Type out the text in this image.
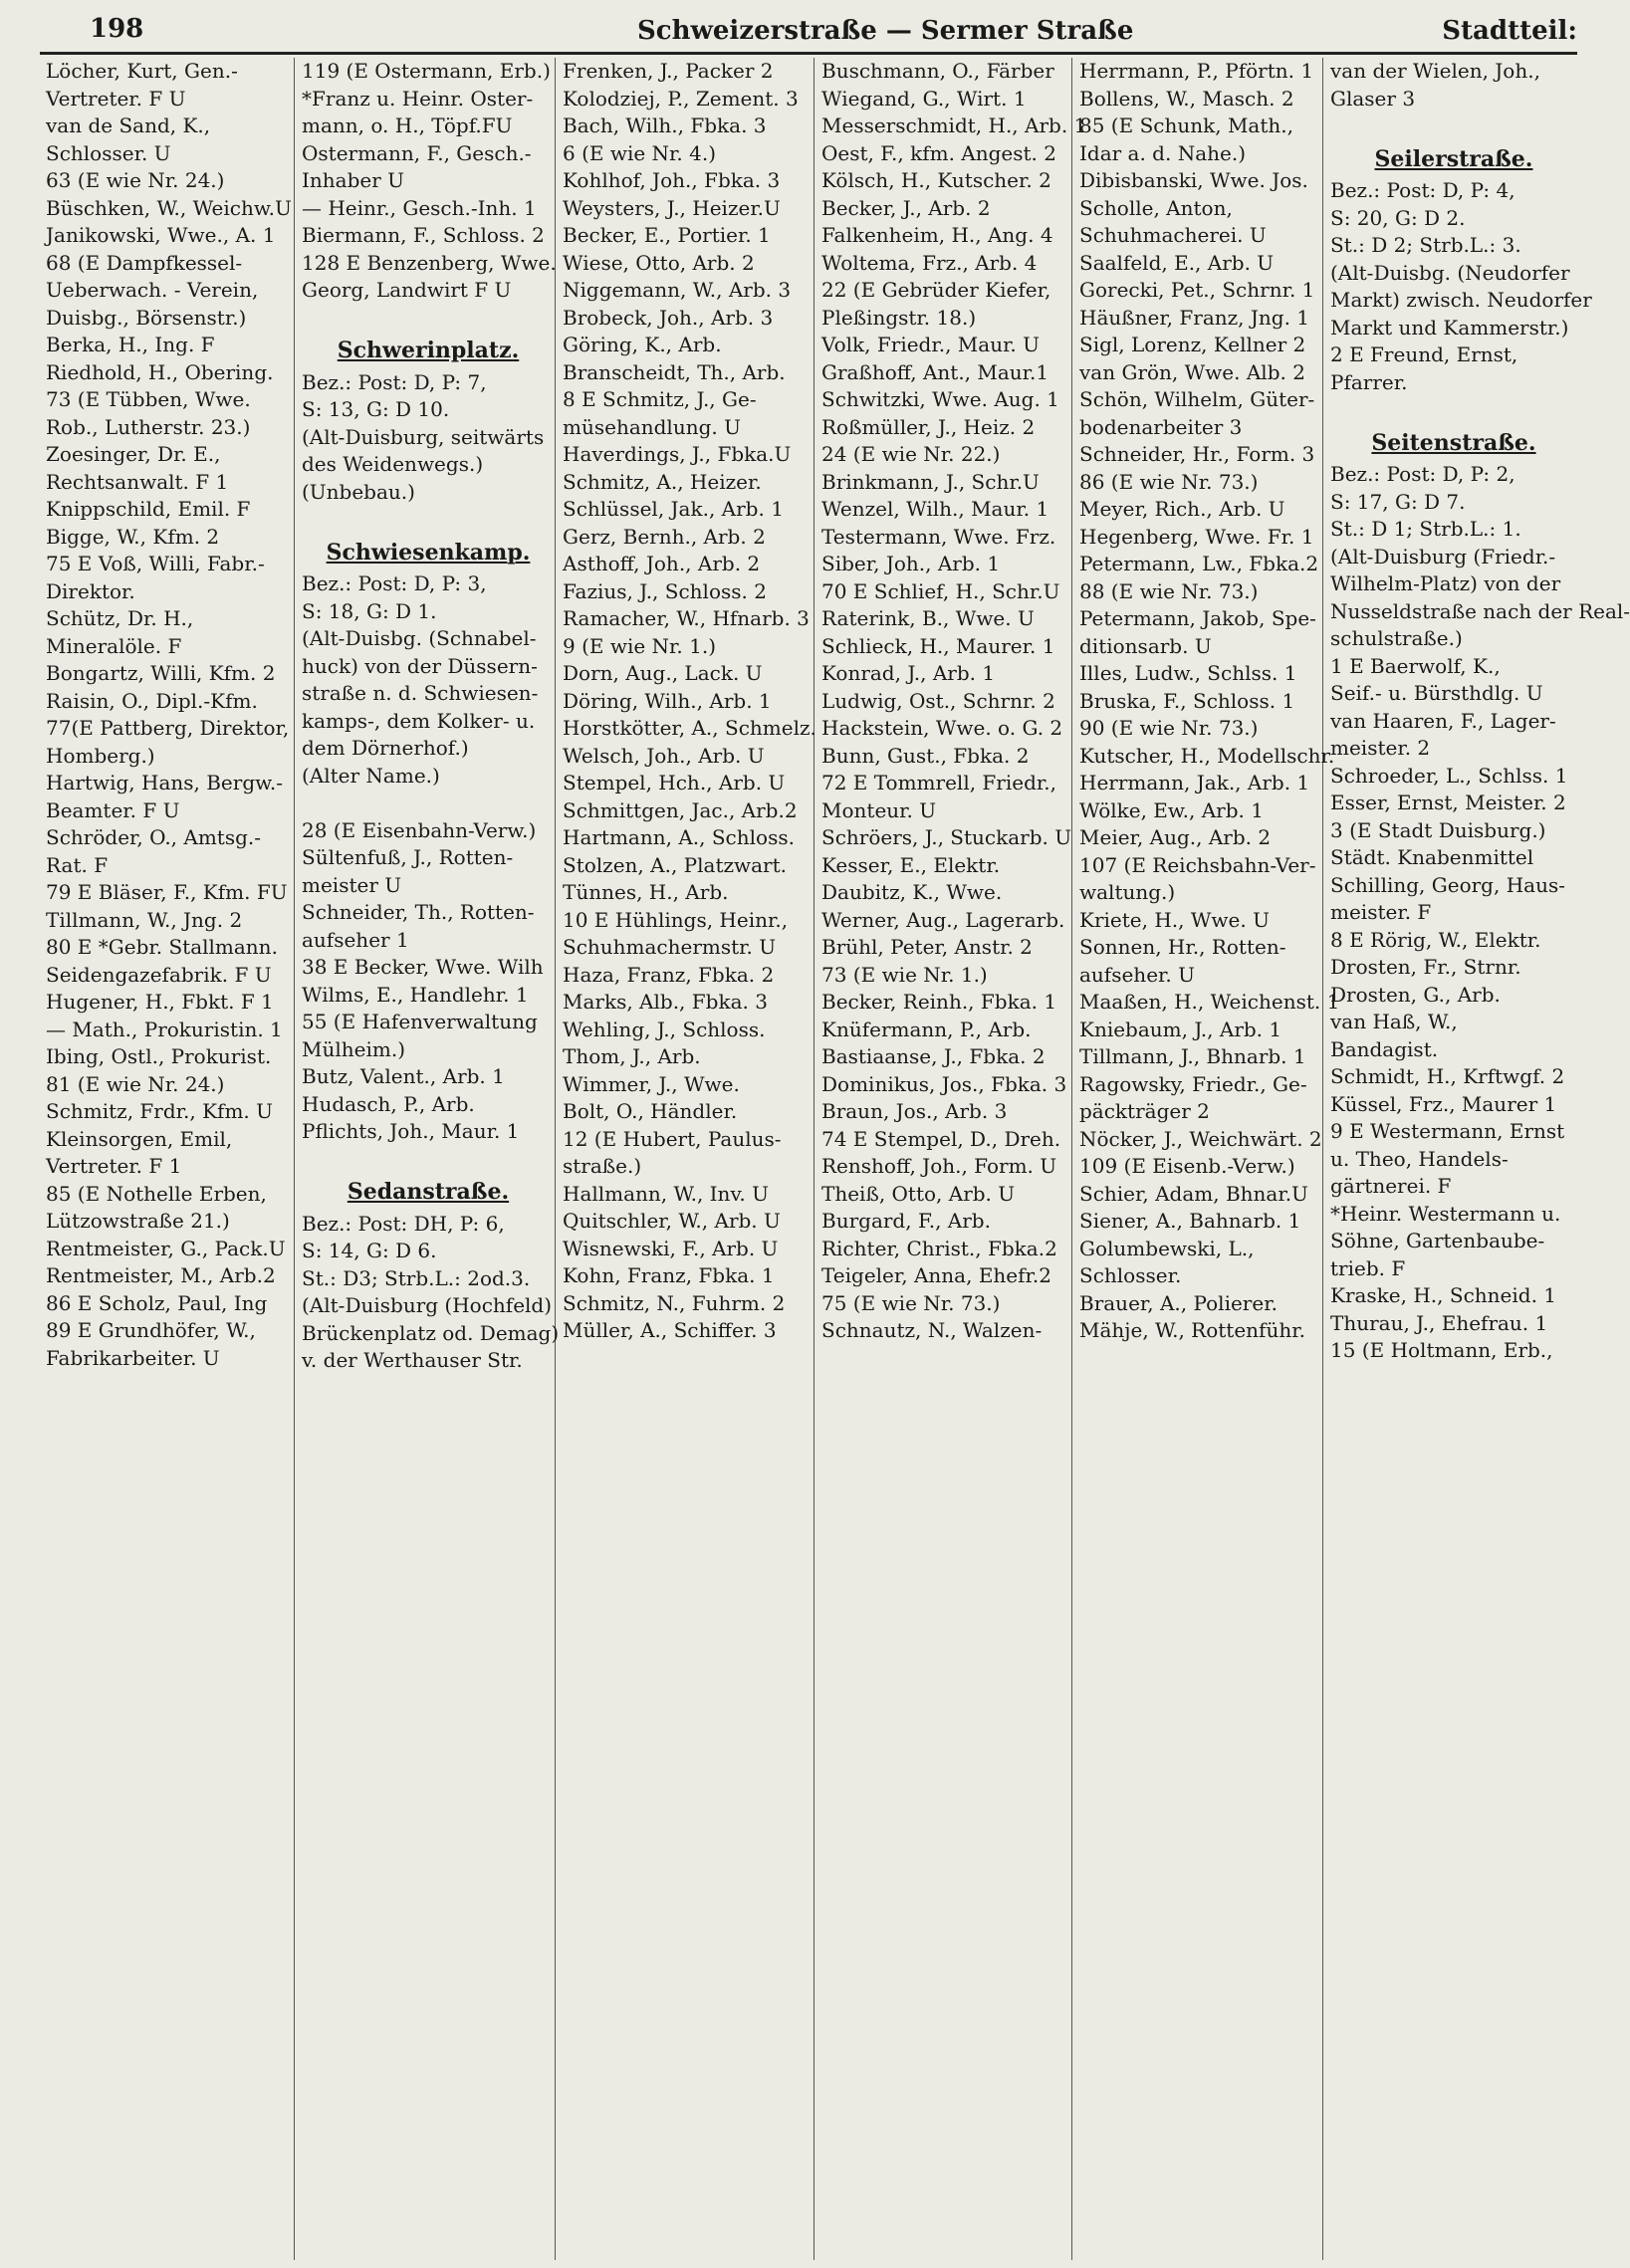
198	Schweizerstraße — Sermer Straße	Stadtteil:
Löcher, Kurt, Gen.-
Vertreter. F U
van de Sand, K.,
Schlosser. U
63 (E wie Nr. 24.)
Büschken, W., Weichw.U
Janikowski, Wwe., A. 1
68 (E Dampfkessel-
Ueberwach. - Verein,
Duisbg., Börsenstr.)
Berka, H., Ing. F
Riedhold, H., Obering.
73 (E Tübben, Wwe.
Rob., Lutherstr. 23.)
Zoesinger, Dr. E.,
Rechtsanwalt. F 1
Knippschild, Emil. F
Bigge, W., Kfm. 2
75 E Voß, Willi, Fabr.-
Direktor.
Schütz, Dr. H.,
Mineralöle. F
Bongartz, Willi, Kfm. 2
Raisin, O., Dipl.-Kfm.
77(E Pattberg, Direktor,
Homberg.)
Hartwig, Hans, Bergw.-
Beamter. F U
Schröder, O., Amtsg.-
Rat. F
79 E Bläser, F., Kfm. FU
Tillmann, W., Jng. 2
80 E *Gebr. Stallmann.
Seidengazefabrik. F U
Hugener, H., Fbkt. F 1
— Math., Prokuristin. 1
Ibing, Ostl., Prokurist.
81 (E wie Nr. 24.)
Schmitz, Frdr., Kfm. U
Kleinsorgen, Emil,
Vertreter. F 1
85 (E Nothelle Erben,
Lützowstraße 21.)
Rentmeister, G., Pack.U
Rentmeister, M., Arb.2
86 E Scholz, Paul, Ing
89 E Grundhöfer, W.,
Fabrikarbeiter. U
119 (E Ostermann, Erb.)
*Franz u. Heinr. Oster-
mann, o. H., Töpf.FU
Ostermann, F., Gesch.-
Inhaber U
— Heinr., Gesch.-Inh. 1
Biermann, F., Schloss. 2
128 E Benzenberg, Wwe.
Georg, Landwirt F U
Schwerinplatz.
Bez.: Post: D, P: 7,
S: 13, G: D 10.
(Alt-Duisburg, seitwärts
des Weidenwegs.)
(Unbebau.)
Schwiesenkamp.
Bez.: Post: D, P: 3,
S: 18, G: D 1.
(Alt-Duisbg. (Schnabel-
huck) von der Düssern-
straße n. d. Schwiesen-
kamps-, dem Kolker- u.
dem Dörnerhof.)
(Alter Name.)
28 (E Eisenbahn-Verw.)
Sültenfuß, J., Rotten-
meister U
Schneider, Th., Rotten-
aufseher 1
38 E Becker, Wwe. Wilh
Wilms, E., Handlehr. 1
55 (E Hafenverwaltung
Mülheim.)
Butz, Valent., Arb. 1
Hudasch, P., Arb.
Pflichts, Joh., Maur. 1
Sedanstraße.
Bez.: Post: DH, P: 6,
S: 14, G: D 6.
St.: D3; Strb.L.: 2od.3.
(Alt-Duisburg (Hochfeld)
Brückenplatz od. Demag)
v. der Werthauser Str.
Frenken, J., Packer 2
Kolodziej, P., Zement. 3
Bach, Wilh., Fbka. 3
6 (E wie Nr. 4.)
Kohlhof, Joh., Fbka. 3
Weysters, J., Heizer.U
Becker, E., Portier. 1
Wiese, Otto, Arb. 2
Niggemann, W., Arb. 3
Brobeck, Joh., Arb. 3
Göring, K., Arb.
Branscheidt, Th., Arb.
8 E Schmitz, J., Ge-
müsehandlung. U
Haverdings, J., Fbka.U
Schmitz, A., Heizer.
Schlüssel, Jak., Arb. 1
Gerz, Bernh., Arb. 2
Asthoff, Joh., Arb. 2
Fazius, J., Schloss. 2
Ramacher, W., Hfnarb. 3
9 (E wie Nr. 1.)
Dorn, Aug., Lack. U
Döring, Wilh., Arb. 1
Horstkötter, A., Schmelz.
Welsch, Joh., Arb. U
Stempel, Hch., Arb. U
Schmittgen, Jac., Arb.2
Hartmann, A., Schloss.
Stolzen, A., Platzwart.
Tünnes, H., Arb.
10 E Hühlings, Heinr.,
Schuhmachermstr. U
Haza, Franz, Fbka. 2
Marks, Alb., Fbka. 3
Wehling, J., Schloss.
Thom, J., Arb.
Wimmer, J., Wwe.
Bolt, O., Händler.
12 (E Hubert, Paulus-
straße.)
Hallmann, W., Inv. U
Quitschler, W., Arb. U
Wisnewski, F., Arb. U
Kohn, Franz, Fbka. 1
Schmitz, N., Fuhrm. 2
Müller, A., Schiffer. 3
Buschmann, O., Färber
Wiegand, G., Wirt. 1
Messerschmidt, H., Arb. 1
Oest, F., kfm. Angest. 2
Kölsch, H., Kutscher. 2
Becker, J., Arb. 2
Falkenheim, H., Ang. 4
Woltema, Frz., Arb. 4
22 (E Gebrüder Kiefer,
Pleßingstr. 18.)
Volk, Friedr., Maur. U
Graßhoff, Ant., Maur.1
Schwitzki, Wwe. Aug. 1
Roßmüller, J., Heiz. 2
24 (E wie Nr. 22.)
Brinkmann, J., Schr.U
Wenzel, Wilh., Maur. 1
Testermann, Wwe. Frz.
Siber, Joh., Arb. 1
70 E Schlief, H., Schr.U
Raterink, B., Wwe. U
Schlieck, H., Maurer. 1
Konrad, J., Arb. 1
Ludwig, Ost., Schrnr. 2
Hackstein, Wwe. o. G. 2
Bunn, Gust., Fbka. 2
72 E Tommrell, Friedr.,
Monteur. U
Schröers, J., Stuckarb. U
Kesser, E., Elektr.
Daubitz, K., Wwe.
Werner, Aug., Lagerarb.
Brühl, Peter, Anstr. 2
73 (E wie Nr. 1.)
Becker, Reinh., Fbka. 1
Knüfermann, P., Arb.
Bastiaanse, J., Fbka. 2
Dominikus, Jos., Fbka. 3
Braun, Jos., Arb. 3
74 E Stempel, D., Dreh.
Renshoff, Joh., Form. U
Theiß, Otto, Arb. U
Burgard, F., Arb.
Richter, Christ., Fbka.2
Teigeler, Anna, Ehefr.2
75 (E wie Nr. 73.)
Schnautz, N., Walzen-
Herrmann, P., Pförtn. 1
Bollens, W., Masch. 2
85 (E Schunk, Math.,
Idar a. d. Nahe.)
Dibisbanski, Wwe. Jos.
Scholle, Anton,
Schuhmacherei. U
Saalfeld, E., Arb. U
Gorecki, Pet., Schrnr. 1
Häußner, Franz, Jng. 1
Sigl, Lorenz, Kellner 2
van Grön, Wwe. Alb. 2
Schön, Wilhelm, Güter-
bodenarbeiter 3
Schneider, Hr., Form. 3
86 (E wie Nr. 73.)
Meyer, Rich., Arb. U
Hegenberg, Wwe. Fr. 1
Petermann, Lw., Fbka.2
88 (E wie Nr. 73.)
Petermann, Jakob, Spe-
ditionsarb. U
Illes, Ludw., Schlss. 1
Bruska, F., Schloss. 1
90 (E wie Nr. 73.)
Kutscher, H., Modellschr.
Herrmann, Jak., Arb. 1
Wölke, Ew., Arb. 1
Meier, Aug., Arb. 2
107 (E Reichsbahn-Ver-
waltung.)
Kriete, H., Wwe. U
Sonnen, Hr., Rotten-
aufseher. U
Maaßen, H., Weichenst. 1
Kniebaum, J., Arb. 1
Tillmann, J., Bhnarb. 1
Ragowsky, Friedr., Ge-
päckträger 2
Nöcker, J., Weichwärt. 2
109 (E Eisenb.-Verw.)
Schier, Adam, Bhnar.U
Siener, A., Bahnarb. 1
Golumbewski, L.,
Schlosser.
Brauer, A., Polierer.
Mähje, W., Rottenführ.
van der Wielen, Joh.,
Glaser 3
Seilerstraße.
Bez.: Post: D, P: 4,
S: 20, G: D 2.
St.: D 2; Strb.L.: 3.
(Alt-Duisbg. (Neudorfer
Markt) zwisch. Neudorfer
Markt und Kammerstr.)
2 E Freund, Ernst,
Pfarrer.
Seitenstraße.
Bez.: Post: D, P: 2,
S: 17, G: D 7.
St.: D 1; Strb.L.: 1.
(Alt-Duisburg (Friedr.-
Wilhelm-Platz) von der
Nusseldstraße nach der Real-
schulstraße.)
1 E Baerwolf, K.,
Seif.- u. Bürsthdlg. U
van Haaren, F., Lager-
meister. 2
Schroeder, L., Schlss. 1
Esser, Ernst, Meister. 2
3 (E Stadt Duisburg.)
Städt. Knabenmittel
Schilling, Georg, Haus-
meister. F
8 E Rörig, W., Elektr.
Drosten, Fr., Strnr.
Drosten, G., Arb.
van Haß, W.,
Bandagist.
Schmidt, H., Krftwgf. 2
Küssel, Frz., Maurer 1
9 E Westermann, Ernst
u. Theo, Handels-
gärtnerei. F
*Heinr. Westermann u.
Söhne, Gartenbaube-
trieb. F
Kraske, H., Schneid. 1
Thurau, J., Ehefrau. 1
15 (E Holtmann, Erb.,
